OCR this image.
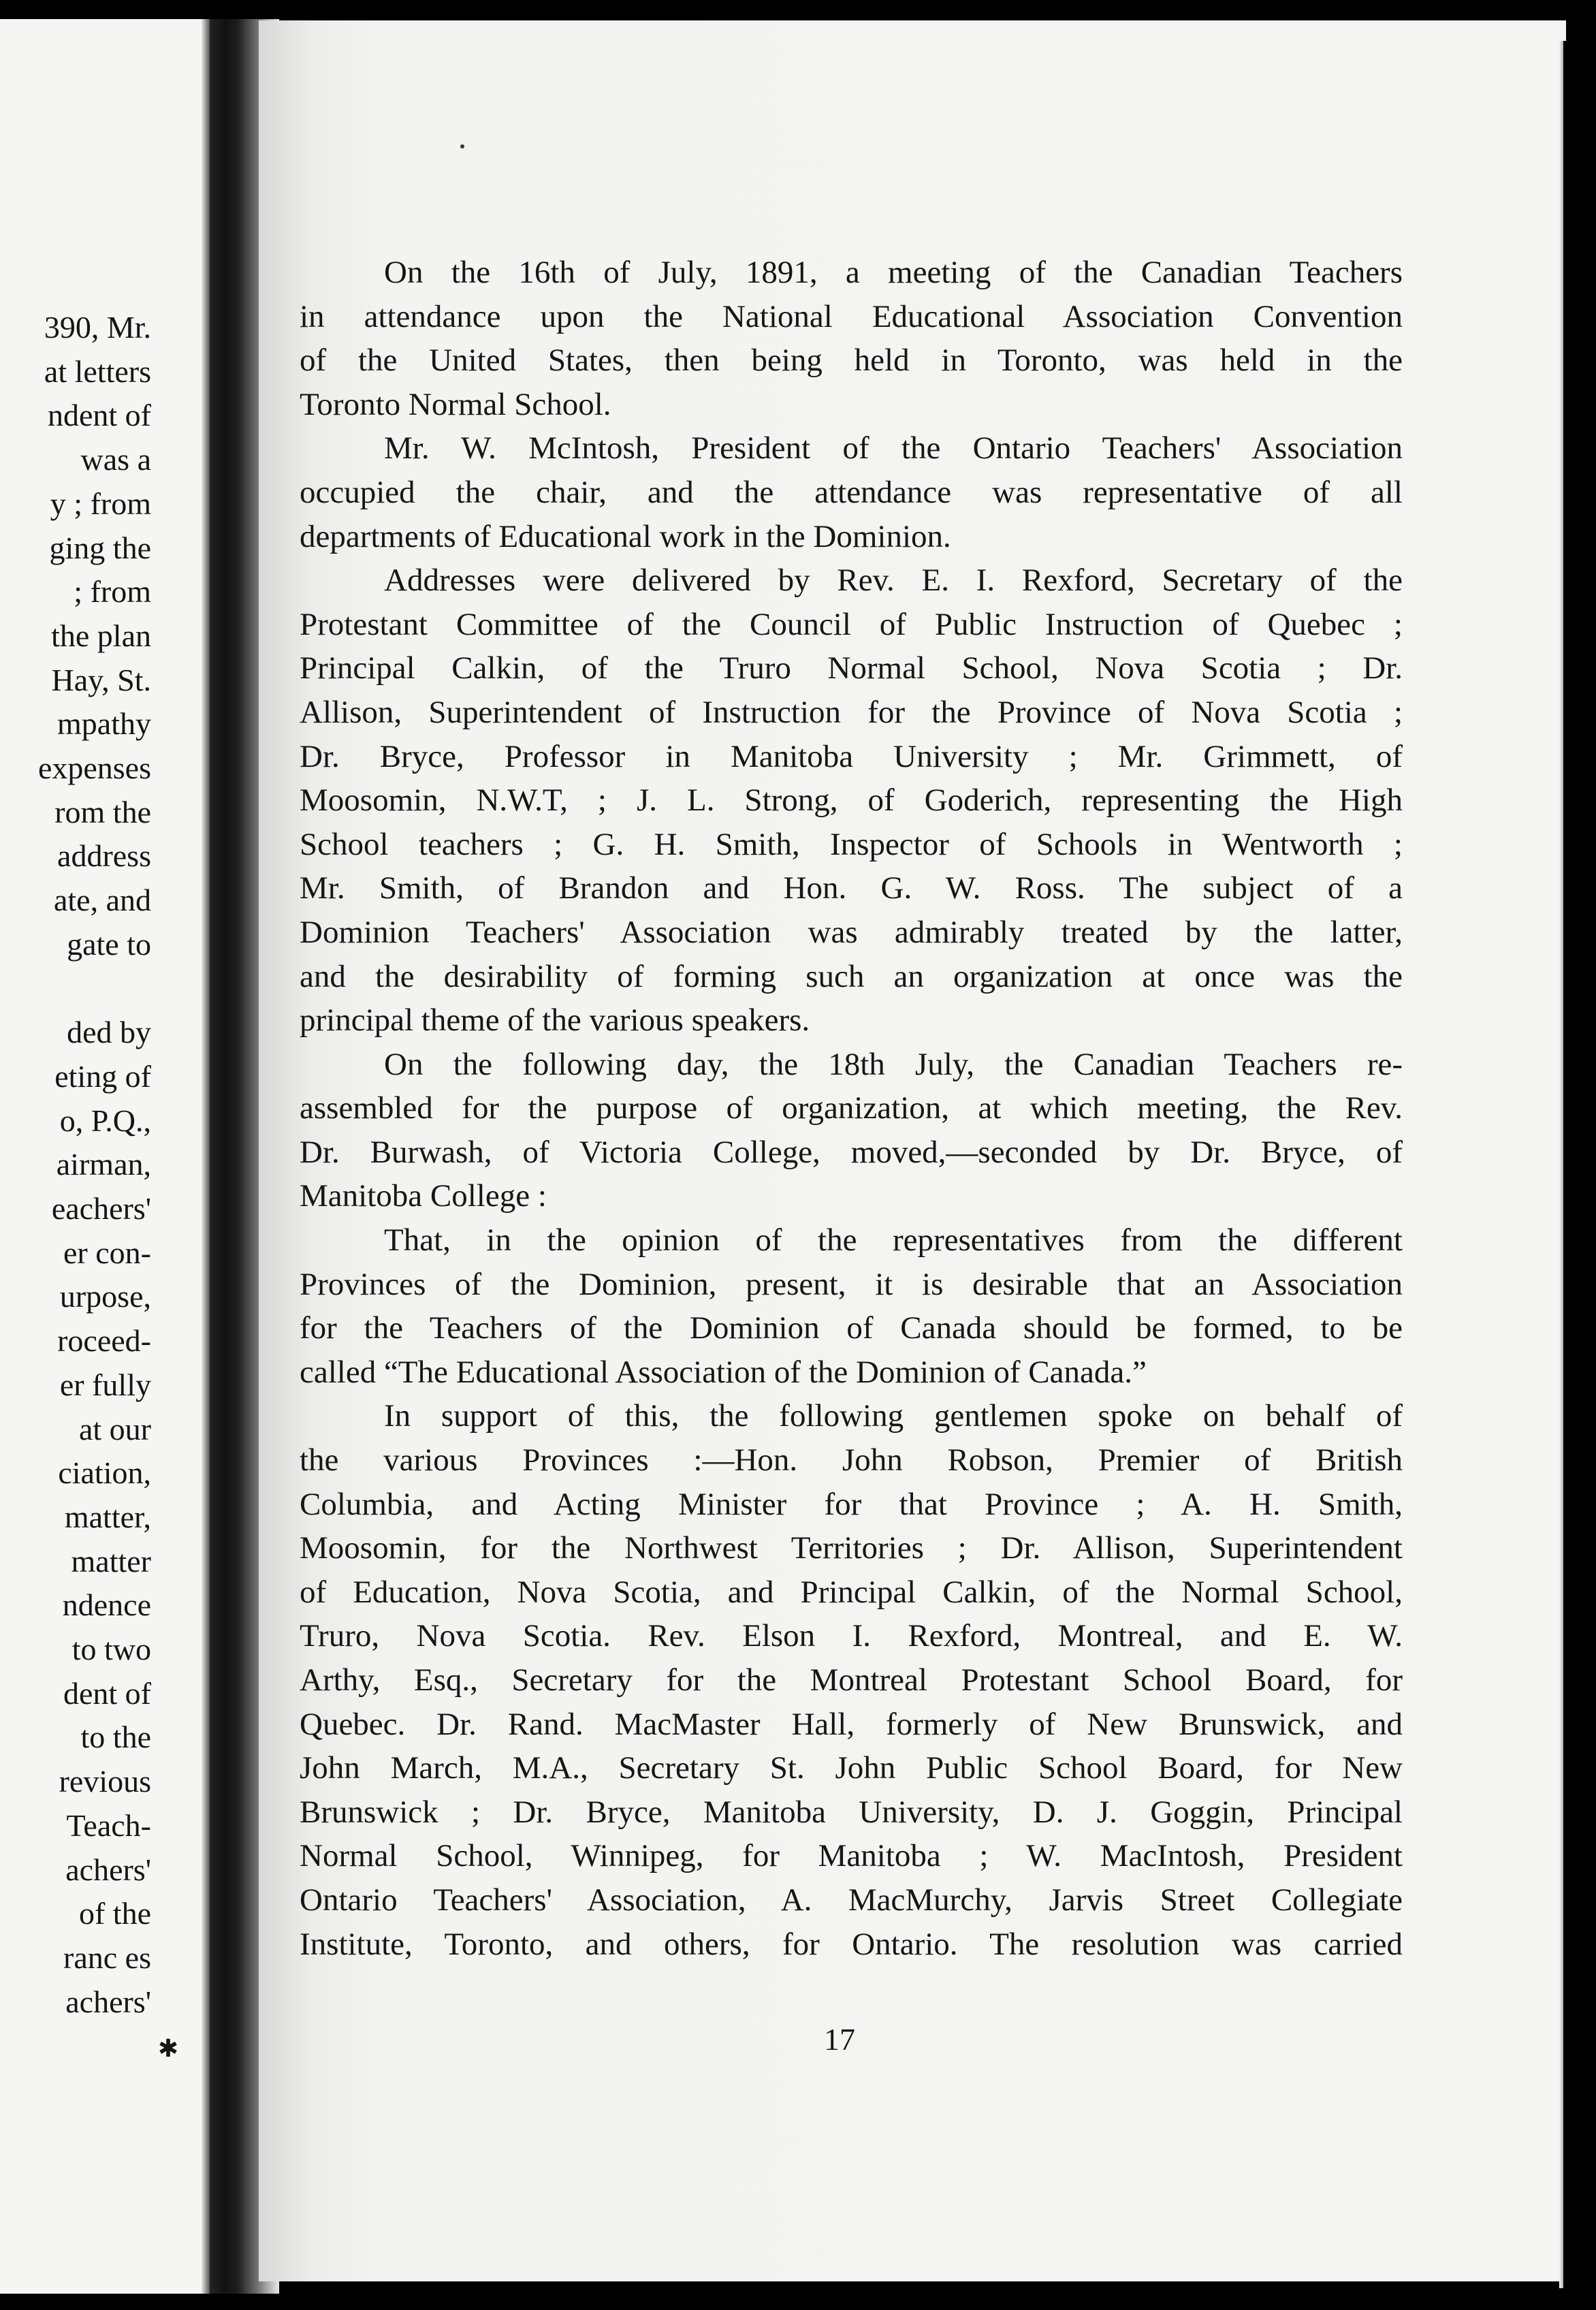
390, Mr.
at letters
ndent of
was a
y ; from
ging the
; from
the plan
Hay, St.
mpathy
expenses
rom the
address
ate, and
gate to
ded by
eting of
o, P.Q.,
airman,
eachers'
er con-
urpose,
roceed-
er fully
at our
ciation,
matter,
matter
ndence
to two
dent of
to the
revious
Teach-
achers'
of the
ranc es
achers'
✱
On the 16th of July, 1891, a meeting of the Canadian Teachers
in attendance upon the National Educational Association Convention
of the United States, then being held in Toronto, was held in the
Toronto Normal School.
Mr. W. McIntosh, President of the Ontario Teachers' Association
occupied the chair, and the attendance was representative of all
departments of Educational work in the Dominion.
Addresses were delivered by Rev. E. I. Rexford, Secretary of the
Protestant Committee of the Council of Public Instruction of Quebec ;
Principal Calkin, of the Truro Normal School, Nova Scotia ; Dr.
Allison, Superintendent of Instruction for the Province of Nova Scotia ;
Dr. Bryce, Professor in Manitoba University ; Mr. Grimmett, of
Moosomin, N.W.T, ; J. L. Strong, of Goderich, representing the High
School teachers ; G. H. Smith, Inspector of Schools in Wentworth ;
Mr. Smith, of Brandon and Hon. G. W. Ross. The subject of a
Dominion Teachers' Association was admirably treated by the latter,
and the desirability of forming such an organization at once was the
principal theme of the various speakers.
On the following day, the 18th July, the Canadian Teachers re-
assembled for the purpose of organization, at which meeting, the Rev.
Dr. Burwash, of Victoria College, moved,—seconded by Dr. Bryce, of
Manitoba College :
That, in the opinion of the representatives from the different
Provinces of the Dominion, present, it is desirable that an Association
for the Teachers of the Dominion of Canada should be formed, to be
called “The Educational Association of the Dominion of Canada.”
In support of this, the following gentlemen spoke on behalf of
the various Provinces :—Hon. John Robson, Premier of British
Columbia, and Acting Minister for that Province ; A. H. Smith,
Moosomin, for the Northwest Territories ; Dr. Allison, Superintendent
of Education, Nova Scotia, and Principal Calkin, of the Normal School,
Truro, Nova Scotia. Rev. Elson I. Rexford, Montreal, and E. W.
Arthy, Esq., Secretary for the Montreal Protestant School Board, for
Quebec. Dr. Rand. MacMaster Hall, formerly of New Brunswick, and
John March, M.A., Secretary St. John Public School Board, for New
Brunswick ; Dr. Bryce, Manitoba University, D. J. Goggin, Principal
Normal School, Winnipeg, for Manitoba ; W. MacIntosh, President
Ontario Teachers' Association, A. MacMurchy, Jarvis Street Collegiate
Institute, Toronto, and others, for Ontario. The resolution was carried
17
